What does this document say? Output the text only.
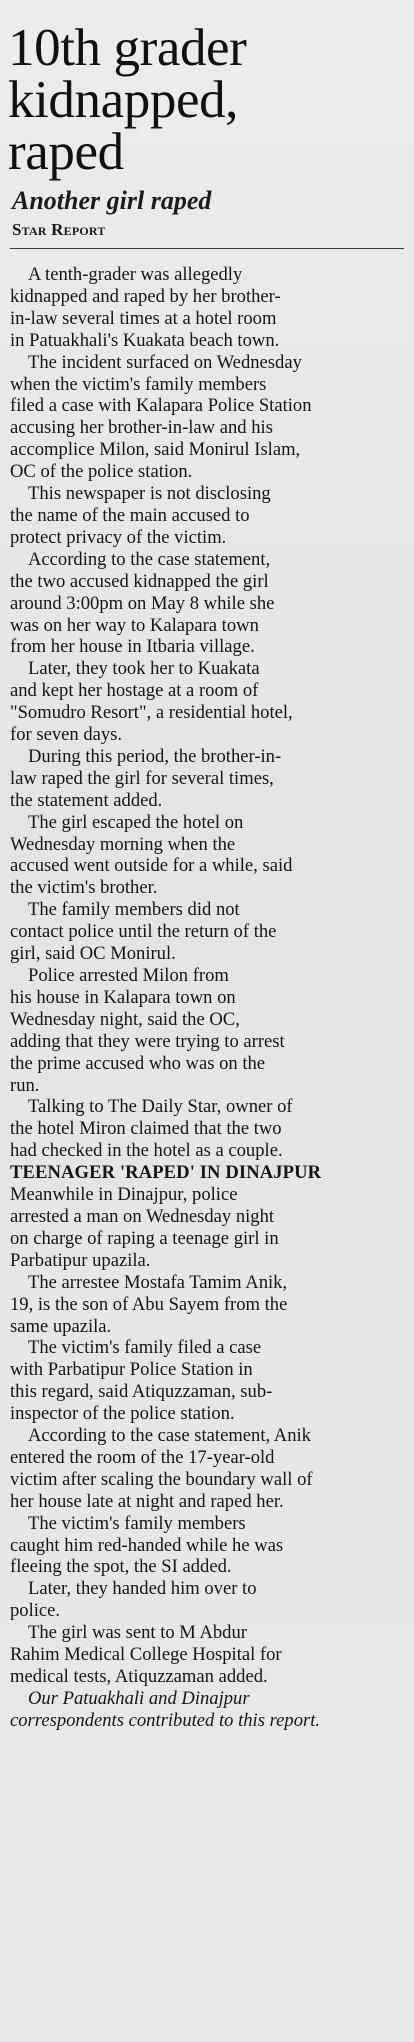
10th grader
kidnapped,
raped
Another girl raped
Star Report
A tenth-grader was allegedly
kidnapped and raped by her brother-
in-law several times at a hotel room
in Patuakhali's Kuakata beach town.
The incident surfaced on Wednesday
when the victim's family members
filed a case with Kalapara Police Station
accusing her brother-in-law and his
accomplice Milon, said Monirul Islam,
OC of the police station.
This newspaper is not disclosing
the name of the main accused to
protect privacy of the victim.
According to the case statement,
the two accused kidnapped the girl
around 3:00pm on May 8 while she
was on her way to Kalapara town
from her house in Itbaria village.
Later, they took her to Kuakata
and kept her hostage at a room of
"Somudro Resort", a residential hotel,
for seven days.
During this period, the brother-in-
law raped the girl for several times,
the statement added.
The girl escaped the hotel on
Wednesday morning when the
accused went outside for a while, said
the victim's brother.
The family members did not
contact police until the return of the
girl, said OC Monirul.
Police arrested Milon from
his house in Kalapara town on
Wednesday night, said the OC,
adding that they were trying to arrest
the prime accused who was on the
run.
Talking to The Daily Star, owner of
the hotel Miron claimed that the two
had checked in the hotel as a couple.
TEENAGER 'RAPED' IN DINAJPUR
Meanwhile in Dinajpur, police
arrested a man on Wednesday night
on charge of raping a teenage girl in
Parbatipur upazila.
The arrestee Mostafa Tamim Anik,
19, is the son of Abu Sayem from the
same upazila.
The victim's family filed a case
with Parbatipur Police Station in
this regard, said Atiquzzaman, sub-
inspector of the police station.
According to the case statement, Anik
entered the room of the 17-year-old
victim after scaling the boundary wall of
her house late at night and raped her.
The victim's family members
caught him red-handed while he was
fleeing the spot, the SI added.
Later, they handed him over to
police.
The girl was sent to M Abdur
Rahim Medical College Hospital for
medical tests, Atiquzzaman added.
Our Patuakhali and Dinajpur
correspondents contributed to this report.
